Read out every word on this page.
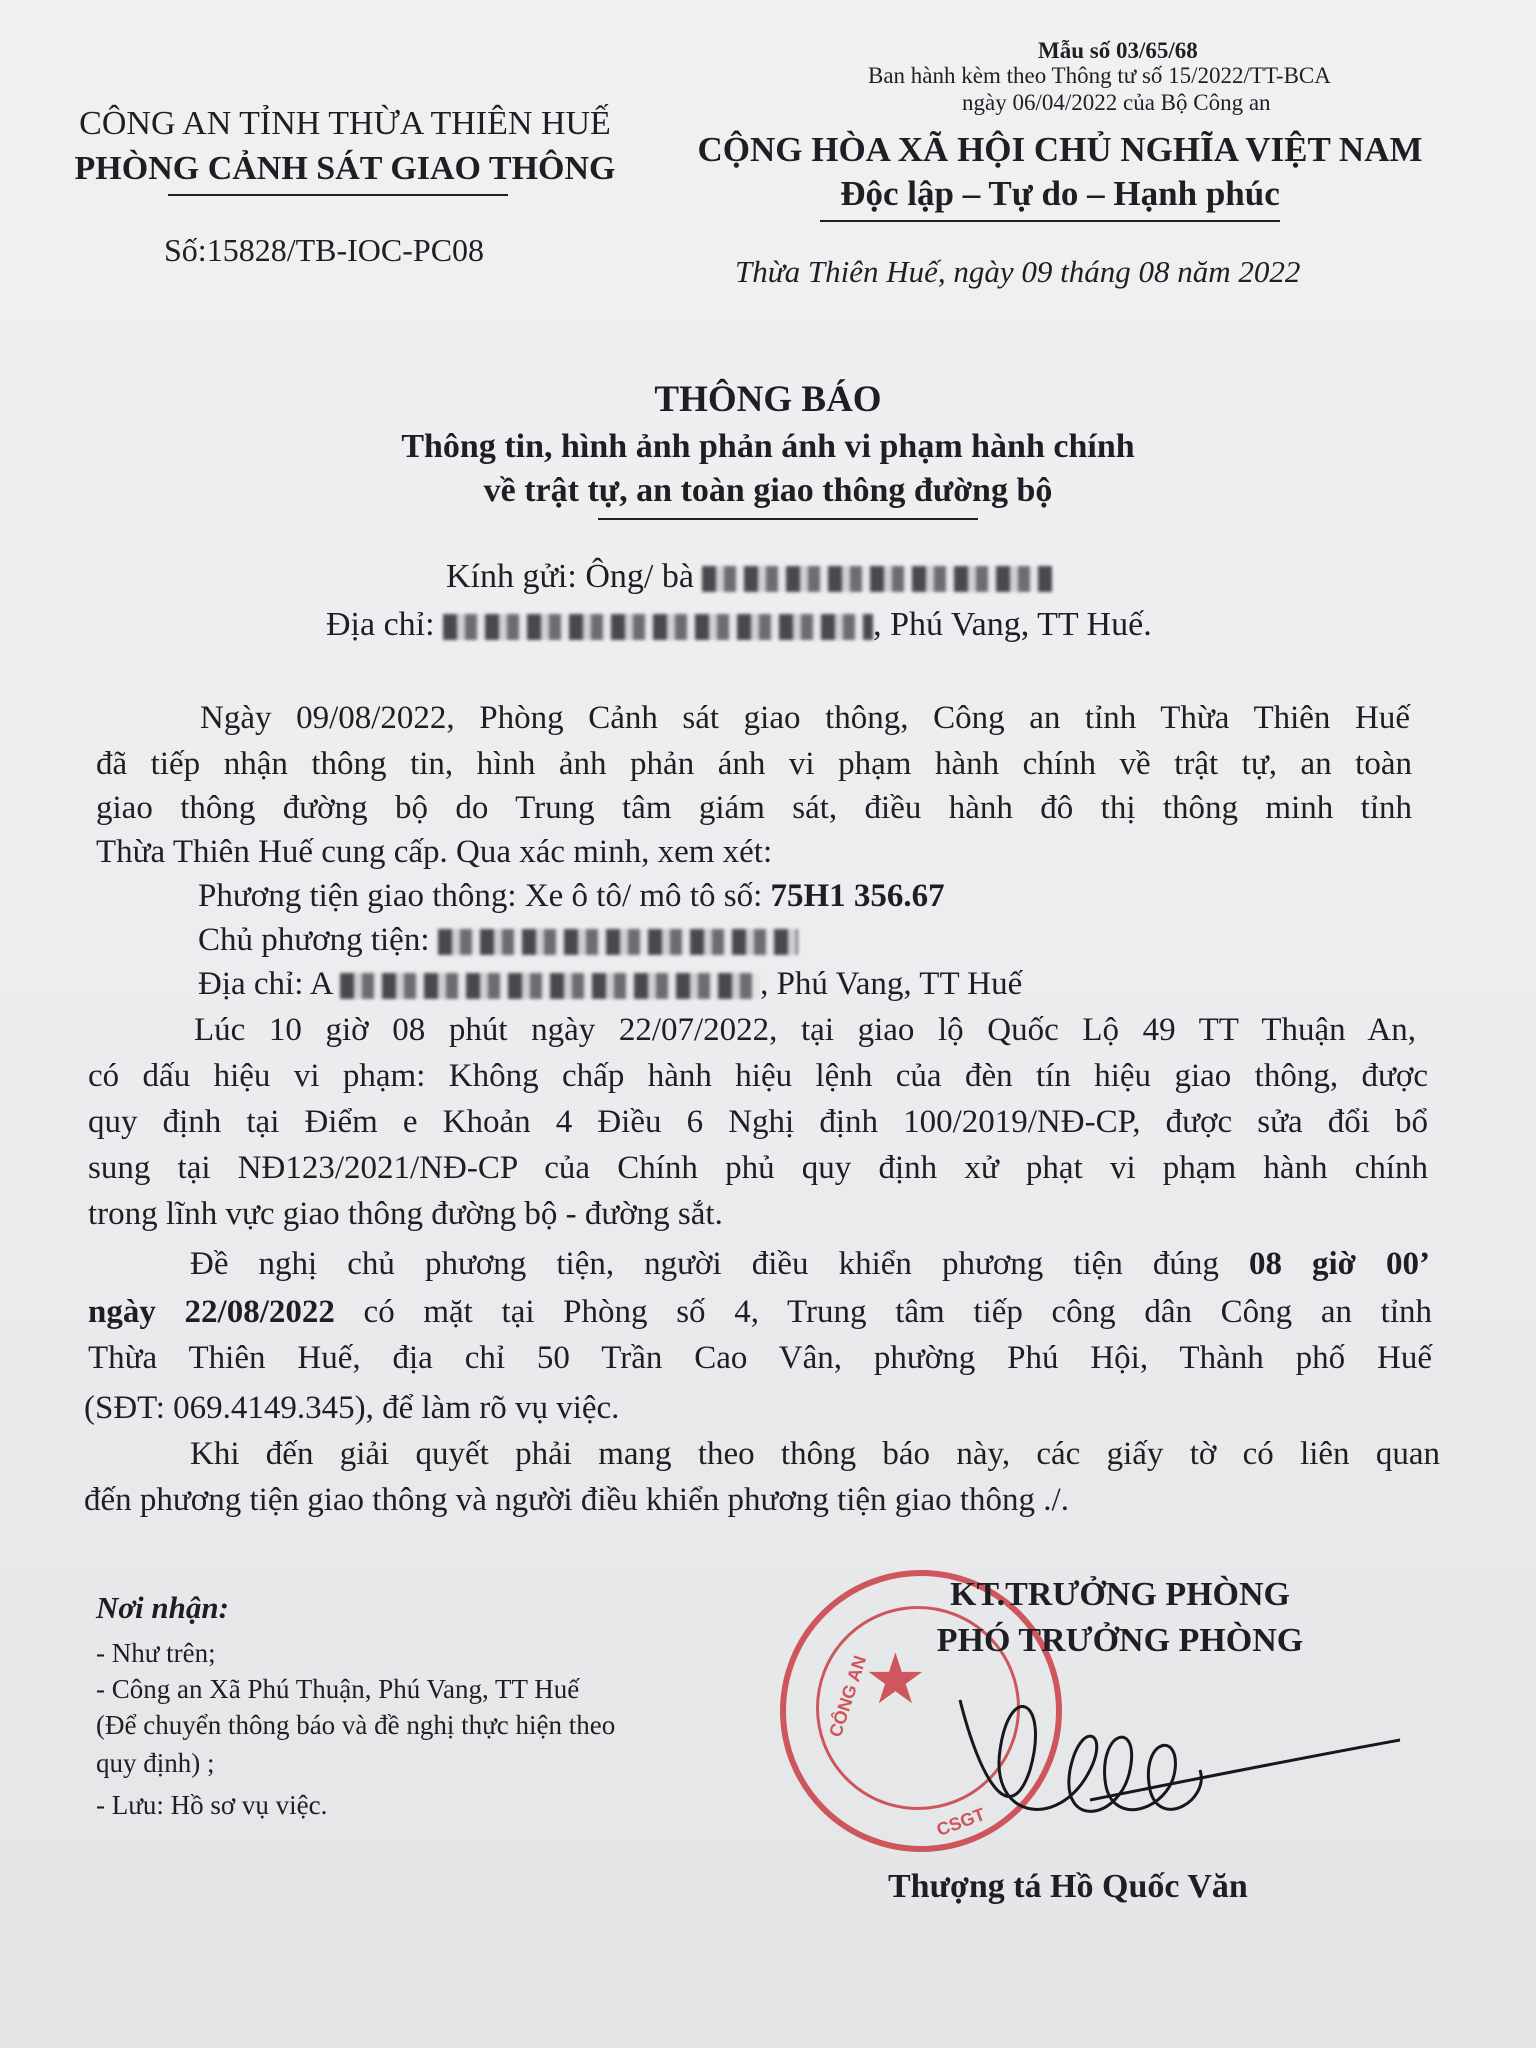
Mẫu số 03/65/68
Ban hành kèm theo Thông tư số 15/2022/TT-BCA
ngày 06/04/2022 của Bộ Công an
CÔNG AN TỈNH THỪA THIÊN HUẾ
PHÒNG CẢNH SÁT GIAO THÔNG
Số:15828/TB-IOC-PC08
CỘNG HÒA XÃ HỘI CHỦ NGHĨA VIỆT NAM
Độc lập – Tự do – Hạnh phúc
Thừa Thiên Huế, ngày 09 tháng 08 năm 2022
THÔNG BÁO
Thông tin, hình ảnh phản ánh vi phạm hành chính
về trật tự, an toàn giao thông đường bộ
Kính gửi: Ông/ bà
Địa chỉ:	, Phú Vang, TT Huế.
Ngày 09/08/2022, Phòng Cảnh sát giao thông, Công an tỉnh Thừa Thiên Huế
đã tiếp nhận thông tin, hình ảnh phản ánh vi phạm hành chính về trật tự, an toàn
giao thông đường bộ do Trung tâm giám sát, điều hành đô thị thông minh tỉnh
Thừa Thiên Huế cung cấp. Qua xác minh, xem xét:
Phương tiện giao thông: Xe ô tô/ mô tô số: 75H1 356.67
Chủ phương tiện:
Địa chỉ: A	, Phú Vang, TT Huế
Lúc 10 giờ 08 phút ngày 22/07/2022, tại giao lộ Quốc Lộ 49 TT Thuận An,
có dấu hiệu vi phạm: Không chấp hành hiệu lệnh của đèn tín hiệu giao thông, được
quy định tại Điểm e Khoản 4 Điều 6 Nghị định 100/2019/NĐ-CP, được sửa đổi bổ
sung tại NĐ123/2021/NĐ-CP của Chính phủ quy định xử phạt vi phạm hành chính
trong lĩnh vực giao thông đường bộ - đường sắt.
Đề nghị chủ phương tiện, người điều khiển phương tiện đúng 08 giờ 00’
ngày 22/08/2022 có mặt tại Phòng số 4, Trung tâm tiếp công dân Công an tỉnh
Thừa Thiên Huế, địa chỉ 50 Trần Cao Vân, phường Phú Hội, Thành phố Huế
(SĐT: 069.4149.345), để làm rõ vụ việc.
Khi đến giải quyết phải mang theo thông báo này, các giấy tờ có liên quan
đến phương tiện giao thông và người điều khiển phương tiện giao thông ./.
Nơi nhận:
- Như trên;
- Công an Xã Phú Thuận, Phú Vang, TT Huế
(Để chuyển thông báo và đề nghị thực hiện theo
quy định) ;
- Lưu: Hồ sơ vụ việc.
★
CÔNG AN
CSGT
KT.TRƯỞNG PHÒNG
PHÓ TRƯỞNG PHÒNG
Thượng tá Hồ Quốc Văn
